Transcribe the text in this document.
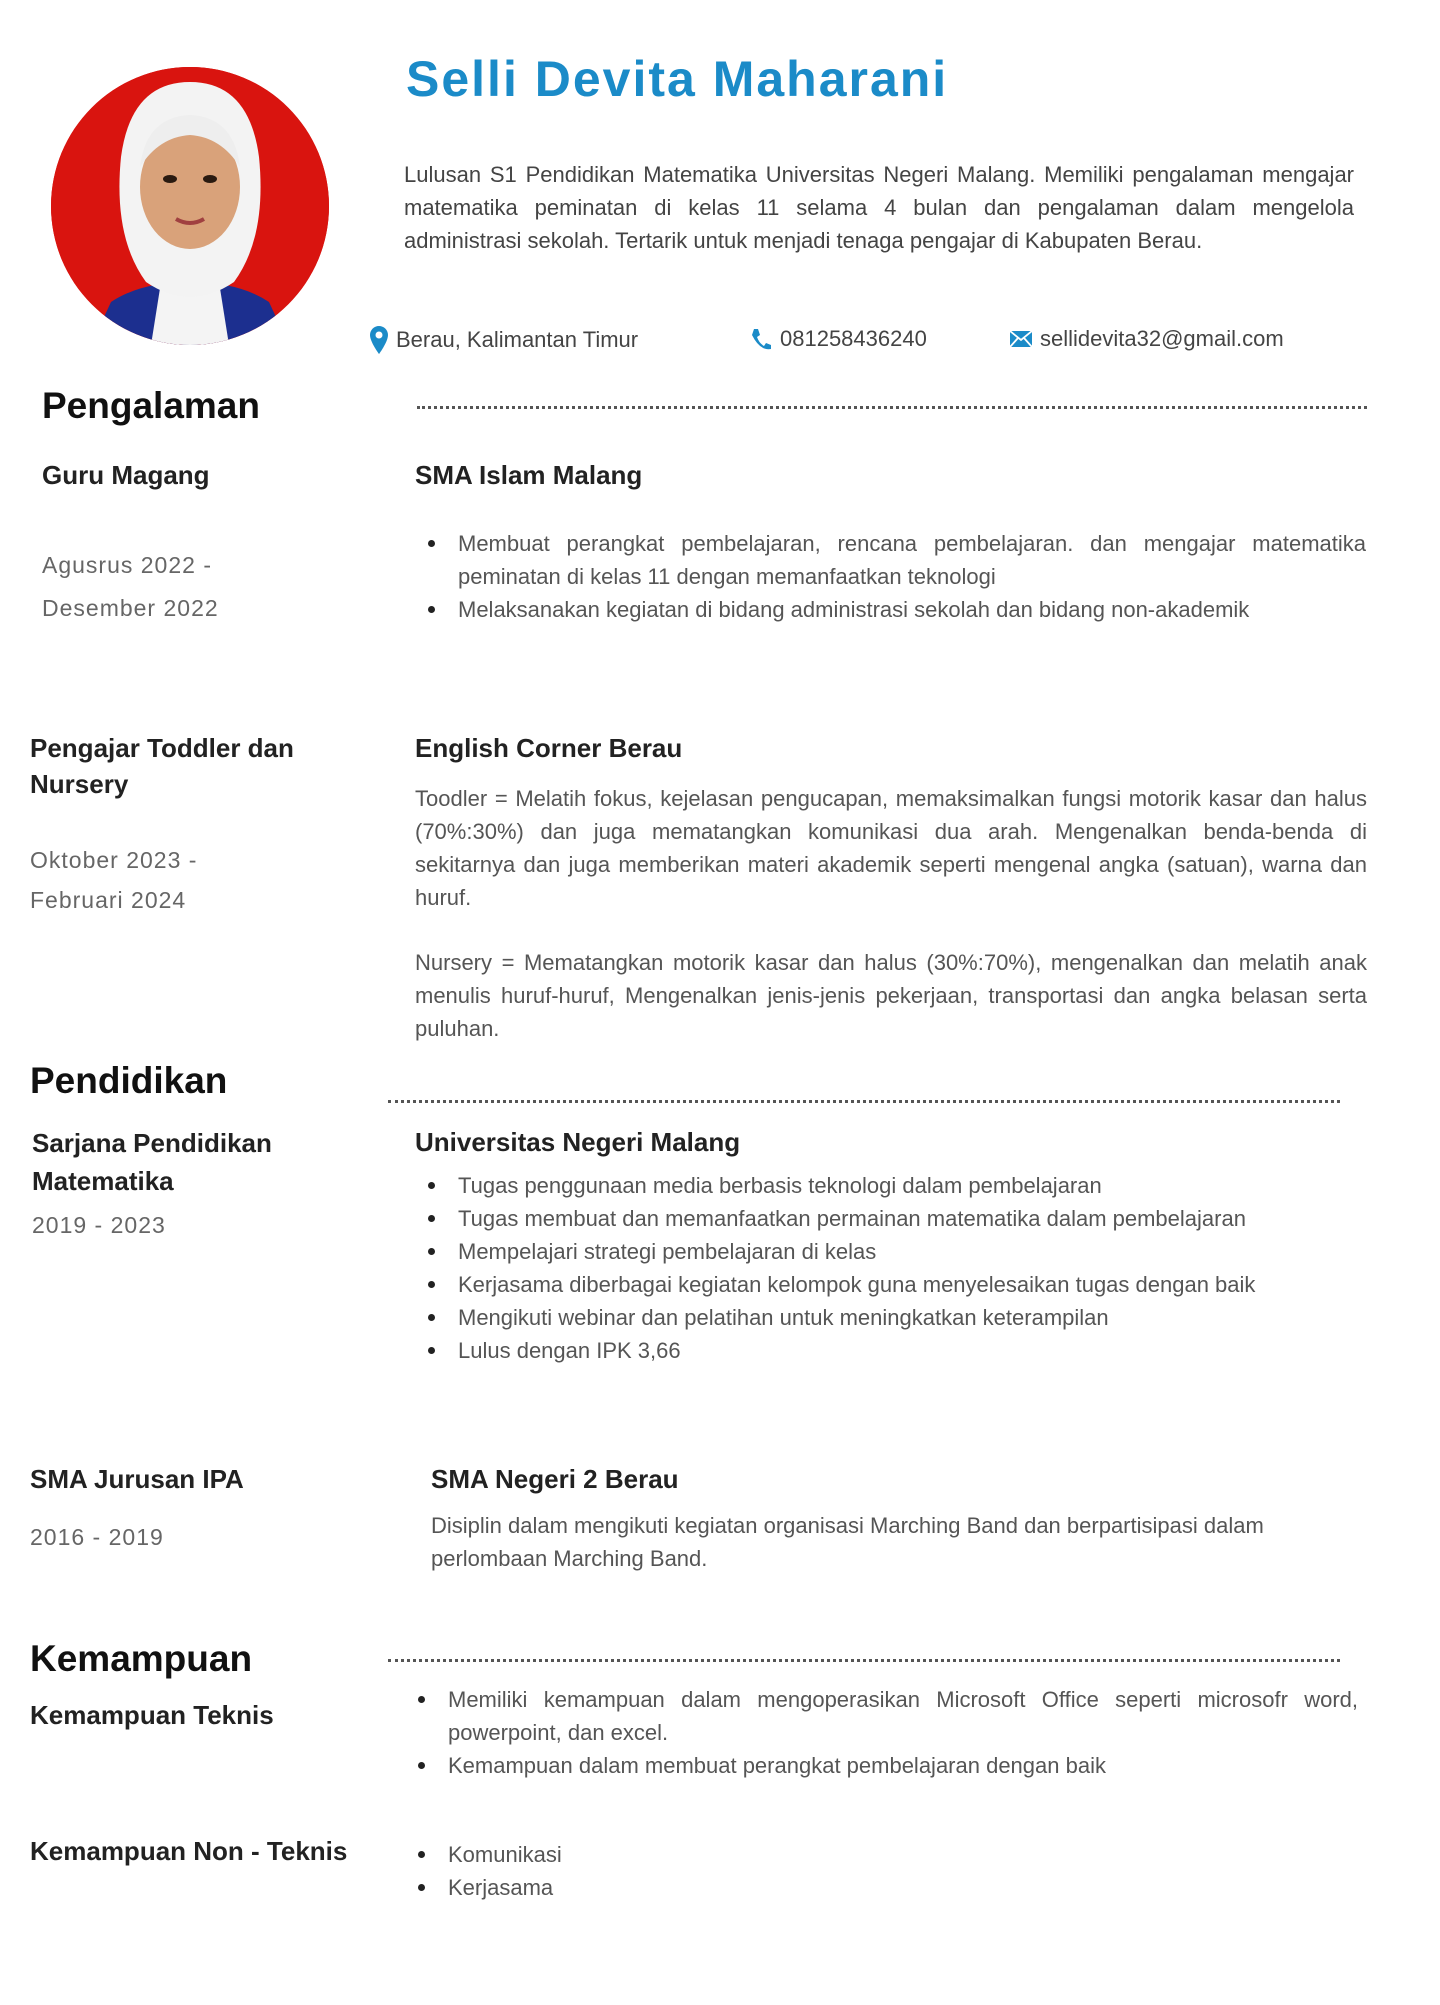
Selli Devita Maharani
Lulusan S1 Pendidikan Matematika Universitas Negeri Malang. Memiliki pengalaman mengajar matematika peminatan di kelas 11 selama 4 bulan dan pengalaman dalam mengelola administrasi sekolah. Tertarik untuk menjadi tenaga pengajar di Kabupaten Berau.
Berau, Kalimantan Timur	081258436240	sellidevita32@gmail.com
Pengalaman
Guru Magang
Agusrus 2022 -
Desember 2022
SMA Islam Malang
Membuat perangkat pembelajaran, rencana pembelajaran. dan mengajar matematika peminatan di kelas 11 dengan memanfaatkan teknologi
Melaksanakan kegiatan di bidang administrasi sekolah dan bidang non-akademik
Pengajar Toddler dan Nursery
Oktober 2023 -
Februari 2024
English Corner Berau
Toodler = Melatih fokus, kejelasan pengucapan, memaksimalkan fungsi motorik kasar dan halus (70%:30%) dan juga mematangkan komunikasi dua arah. Mengenalkan benda-benda di sekitarnya dan juga memberikan materi akademik seperti mengenal angka (satuan), warna dan huruf.
Nursery = Mematangkan motorik kasar dan halus (30%:70%), mengenalkan dan melatih anak menulis huruf-huruf, Mengenalkan jenis-jenis pekerjaan, transportasi dan angka belasan serta puluhan.
Pendidikan
Sarjana Pendidikan Matematika
2019 - 2023
Universitas Negeri Malang
Tugas penggunaan media berbasis teknologi dalam pembelajaran
Tugas membuat dan memanfaatkan permainan matematika dalam pembelajaran
Mempelajari strategi pembelajaran di kelas
Kerjasama diberbagai kegiatan kelompok guna menyelesaikan tugas dengan baik
Mengikuti webinar dan pelatihan untuk meningkatkan keterampilan
Lulus dengan IPK 3,66
SMA Jurusan IPA
2016 - 2019
SMA Negeri 2 Berau
Disiplin dalam mengikuti kegiatan organisasi Marching Band dan berpartisipasi dalam perlombaan Marching Band.
Kemampuan
Kemampuan Teknis
Memiliki kemampuan dalam mengoperasikan Microsoft Office seperti microsofr word, powerpoint, dan excel.
Kemampuan dalam membuat perangkat pembelajaran dengan baik
Kemampuan Non - Teknis	Komunikasi
Kerjasama
